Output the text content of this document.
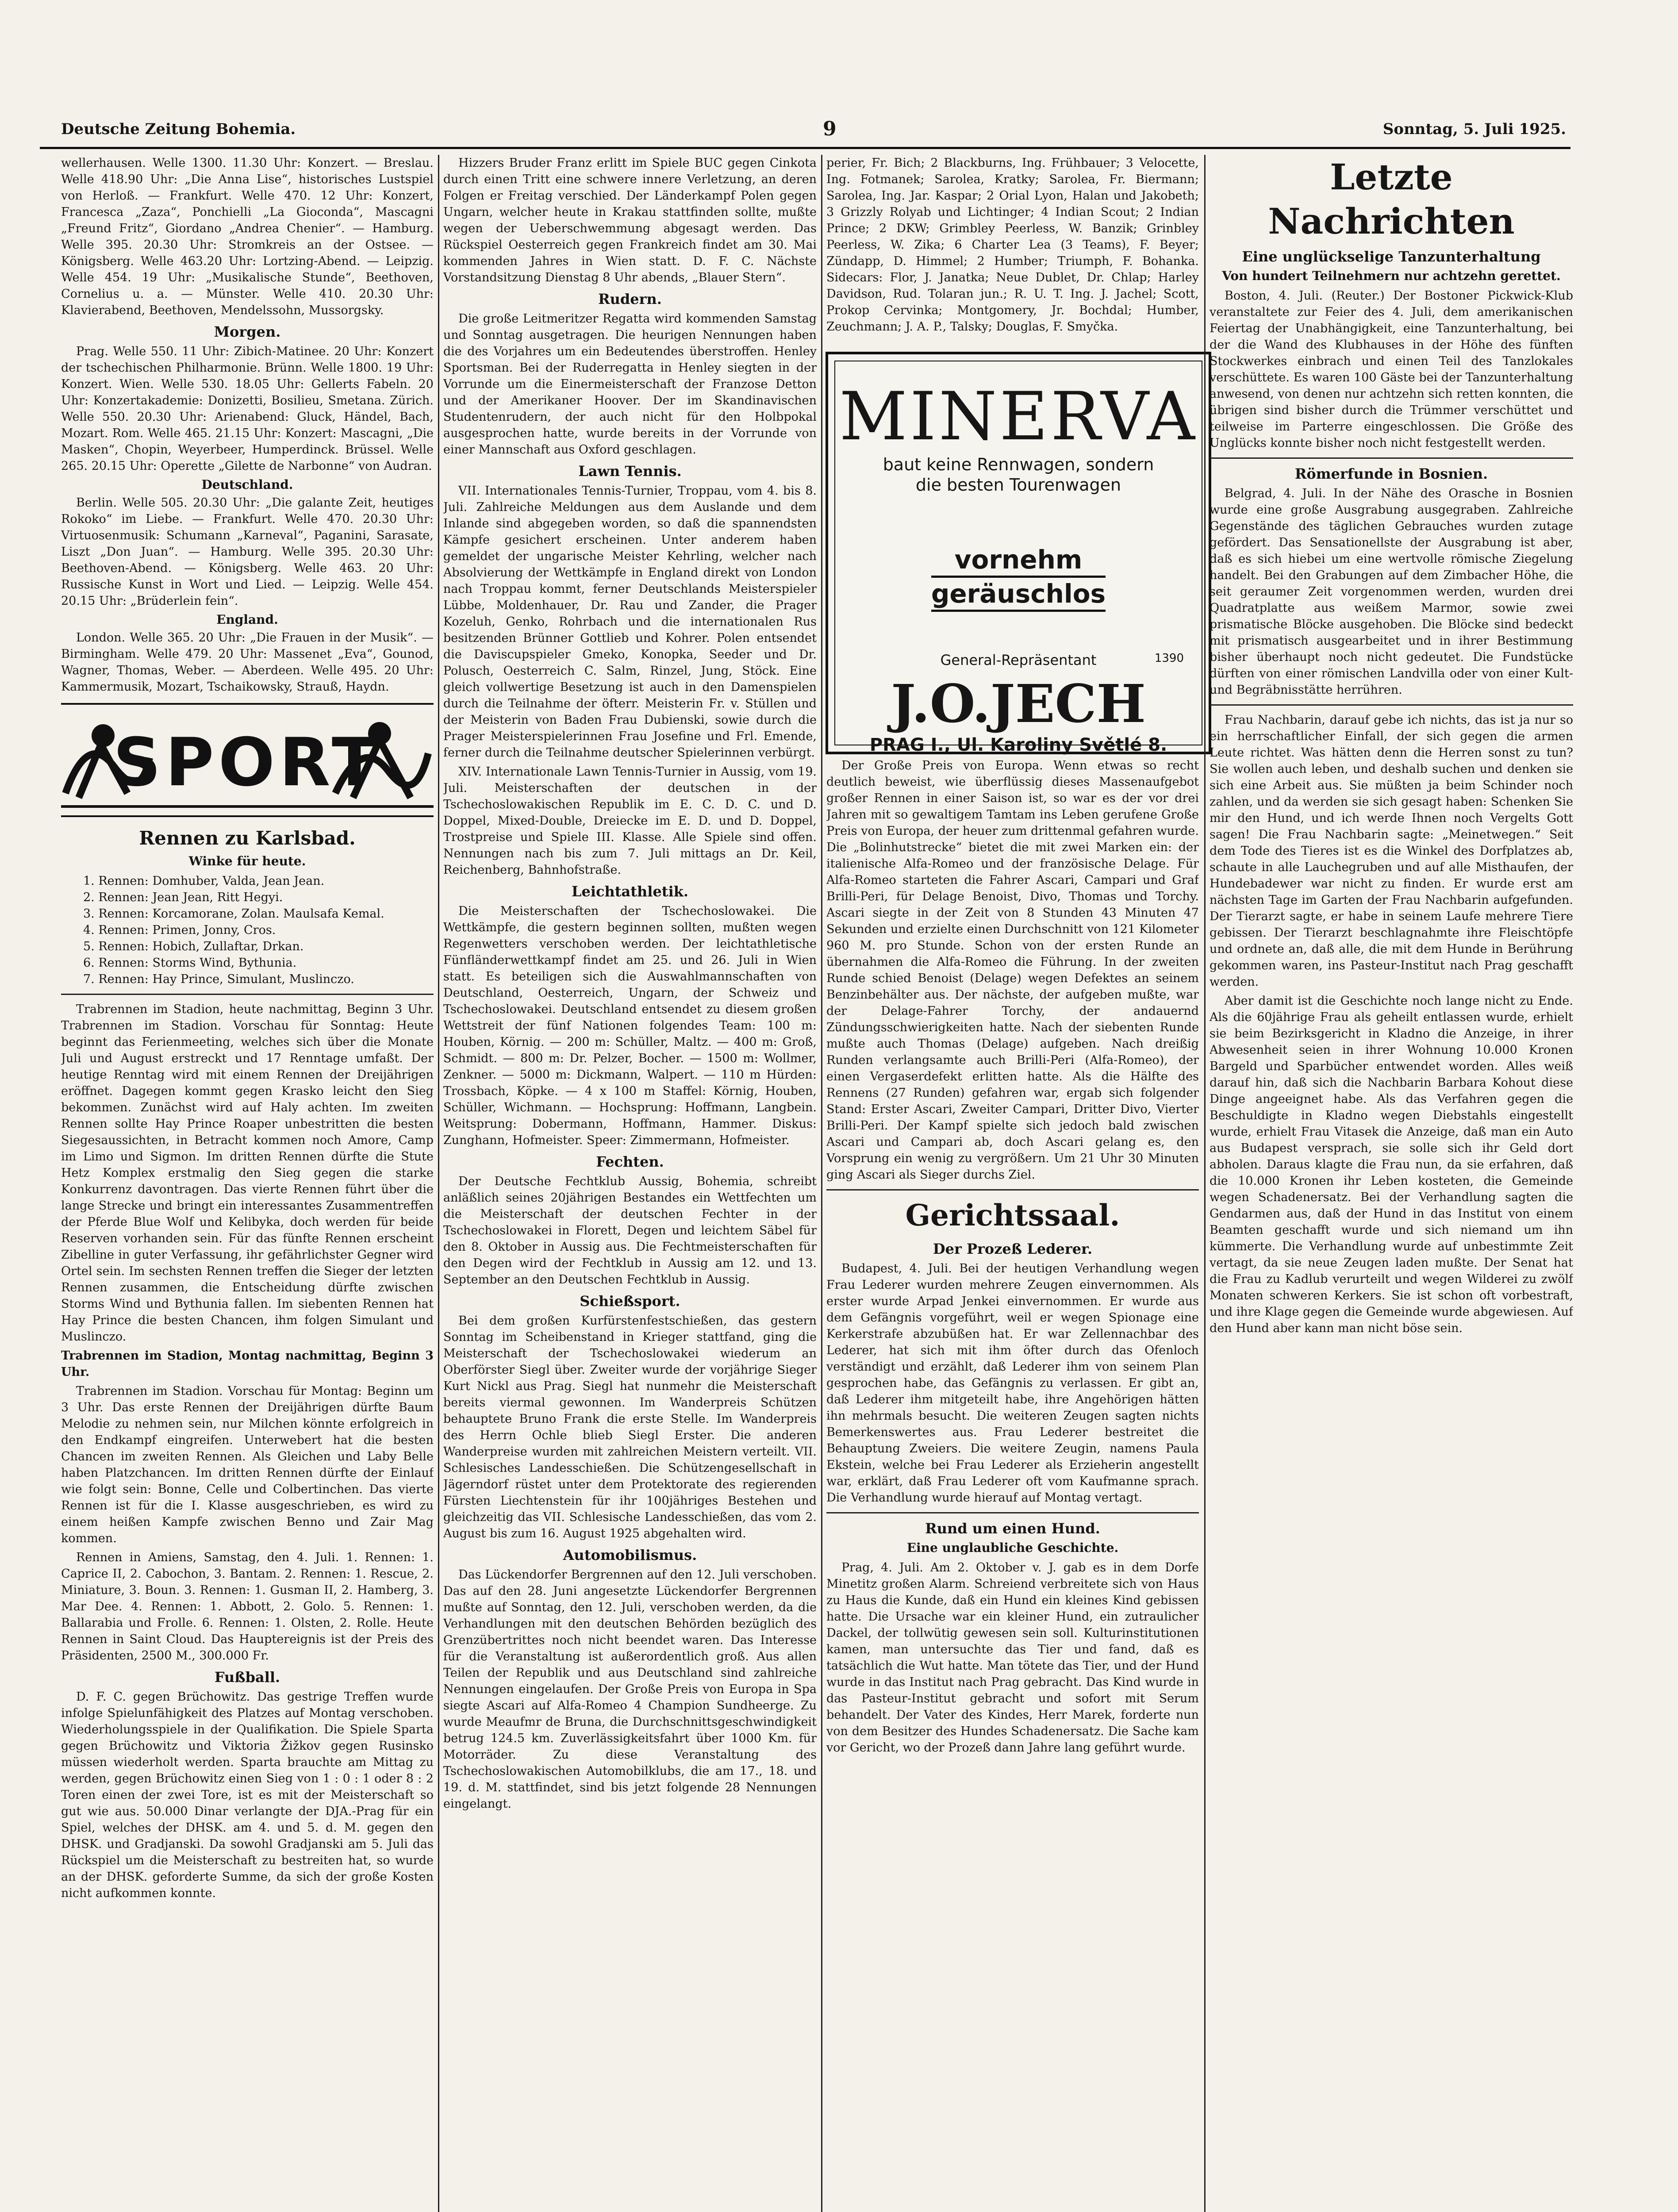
Deutsche Zeitung Bohemia.	9	Sonntag, 5. Juli 1925.

wellerhausen. Welle 1300. 11.30 Uhr: Konzert. — Breslau. Welle 418.90 Uhr: „Die Anna Lise“, historisches Lustspiel von Herloß. — Frankfurt. Welle 470. 12 Uhr: Konzert, Francesca „Zaza“, Ponchielli „La Gioconda“, Mascagni „Freund Fritz“, Giordano „Andrea Chenier“. — Hamburg. Welle 395. 20.30 Uhr: Stromkreis an der Ostsee. — Königsberg. Welle 463.20 Uhr: Lortzing-Abend. — Leipzig. Welle 454. 19 Uhr: „Musikalische Stunde“, Beethoven, Cornelius u. a. — Münster. Welle 410. 20.30 Uhr: Klavierabend, Beethoven, Mendelssohn, Mussorgsky.

Morgen.

Prag. Welle 550. 11 Uhr: Zibich-Matinee. 20 Uhr: Konzert der tschechischen Philharmonie. Brünn. Welle 1800. 19 Uhr: Konzert. Wien. Welle 530. 18.05 Uhr: Gellerts Fabeln. 20 Uhr: Konzertakademie: Donizetti, Bosilieu, Smetana. Zürich. Welle 550. 20.30 Uhr: Arienabend: Gluck, Händel, Bach, Mozart. Rom. Welle 465. 21.15 Uhr: Konzert: Mascagni, „Die Masken“, Chopin, Weyerbeer, Humperdinck. Brüssel. Welle 265. 20.15 Uhr: Operette „Gilette de Narbonne“ von Audran.

Deutschland.

Berlin. Welle 505. 20.30 Uhr: „Die galante Zeit, heutiges Rokoko“ im Liebe. — Frankfurt. Welle 470. 20.30 Uhr: Virtuosenmusik: Schumann „Karneval“, Paganini, Sarasate, Liszt „Don Juan“. — Hamburg. Welle 395. 20.30 Uhr: Beethoven-Abend. — Königsberg. Welle 463. 20 Uhr: Russische Kunst in Wort und Lied. — Leipzig. Welle 454. 20.15 Uhr: „Brüderlein fein“.

England.

London. Welle 365. 20 Uhr: „Die Frauen in der Musik“. — Birmingham. Welle 479. 20 Uhr: Massenet „Eva“, Gounod, Wagner, Thomas, Weber. — Aberdeen. Welle 495. 20 Uhr: Kammermusik, Mozart, Tschaikowsky, Strauß, Haydn.

SPORT
Rennen zu Karlsbad.
Winke für heute.

1. Rennen: Domhuber, Valda, Jean Jean.

2. Rennen: Jean Jean, Ritt Hegyi.

3. Rennen: Korcamorane, Zolan. Maulsafa Kemal.

4. Rennen: Primen, Jonny, Cros.

5. Rennen: Hobich, Zullaftar, Drkan.

6. Rennen: Storms Wind, Bythunia.

7. Rennen: Hay Prince, Simulant, Muslinczo.

Trabrennen im Stadion, heute nachmittag, Beginn 3 Uhr. Trabrennen im Stadion. Vorschau für Sonntag: Heute beginnt das Ferienmeeting, welches sich über die Monate Juli und August erstreckt und 17 Renntage umfaßt. Der heutige Renntag wird mit einem Rennen der Dreijährigen eröffnet. Dagegen kommt gegen Krasko leicht den Sieg bekommen. Zunächst wird auf Haly achten. Im zweiten Rennen sollte Hay Prince Roaper unbestritten die besten Siegesaussichten, in Betracht kommen noch Amore, Camp im Limo und Sigmon. Im dritten Rennen dürfte die Stute Hetz Komplex erstmalig den Sieg gegen die starke Konkurrenz davontragen. Das vierte Rennen führt über die lange Strecke und bringt ein interessantes Zusammentreffen der Pferde Blue Wolf und Kelibyka, doch werden für beide Reserven vorhanden sein. Für das fünfte Rennen erscheint Zibelline in guter Verfassung, ihr gefährlichster Gegner wird Ortel sein. Im sechsten Rennen treffen die Sieger der letzten Rennen zusammen, die Entscheidung dürfte zwischen Storms Wind und Bythunia fallen. Im siebenten Rennen hat Hay Prince die besten Chancen, ihm folgen Simulant und Muslinczo.

Trabrennen im Stadion, Montag nachmittag, Beginn 3 Uhr.

Trabrennen im Stadion. Vorschau für Montag: Beginn um 3 Uhr. Das erste Rennen der Dreijährigen dürfte Baum Melodie zu nehmen sein, nur Milchen könnte erfolgreich in den Endkampf eingreifen. Unterwebert hat die besten Chancen im zweiten Rennen. Als Gleichen und Laby Belle haben Platzchancen. Im dritten Rennen dürfte der Einlauf wie folgt sein: Bonne, Celle und Colbertinchen. Das vierte Rennen ist für die I. Klasse ausgeschrieben, es wird zu einem heißen Kampfe zwischen Benno und Zair Mag kommen.

Rennen in Amiens, Samstag, den 4. Juli. 1. Rennen: 1. Caprice II, 2. Cabochon, 3. Bantam. 2. Rennen: 1. Rescue, 2. Miniature, 3. Boun. 3. Rennen: 1. Gusman II, 2. Hamberg, 3. Mar Dee. 4. Rennen: 1. Abbott, 2. Golo. 5. Rennen: 1. Ballarabia und Frolle. 6. Rennen: 1. Olsten, 2. Rolle. Heute Rennen in Saint Cloud. Das Hauptereignis ist der Preis des Präsidenten, 2500 M., 300.000 Fr.

Fußball.

D. F. C. gegen Brüchowitz. Das gestrige Treffen wurde infolge Spielunfähigkeit des Platzes auf Montag verschoben. Wiederholungsspiele in der Qualifikation. Die Spiele Sparta gegen Brüchowitz und Viktoria Žižkov gegen Rusinsko müssen wiederholt werden. Sparta brauchte am Mittag zu werden, gegen Brüchowitz einen Sieg von 1 : 0 : 1 oder 8 : 2 Toren einen der zwei Tore, ist es mit der Meisterschaft so gut wie aus. 50.000 Dinar verlangte der DJA.-Prag für ein Spiel, welches der DHSK. am 4. und 5. d. M. gegen den DHSK. und Gradjanski. Da sowohl Gradjanski am 5. Juli das Rückspiel um die Meisterschaft zu bestreiten hat, so wurde an der DHSK. geforderte Summe, da sich der große Kosten nicht aufkommen konnte.

Hizzers Bruder Franz erlitt im Spiele BUC gegen Cinkota durch einen Tritt eine schwere innere Verletzung, an deren Folgen er Freitag verschied. Der Länderkampf Polen gegen Ungarn, welcher heute in Krakau stattfinden sollte, mußte wegen der Ueberschwemmung abgesagt werden. Das Rückspiel Oesterreich gegen Frankreich findet am 30. Mai kommenden Jahres in Wien statt. D. F. C. Nächste Vorstandsitzung Dienstag 8 Uhr abends, „Blauer Stern“.

Rudern.

Die große Leitmeritzer Regatta wird kommenden Samstag und Sonntag ausgetragen. Die heurigen Nennungen haben die des Vorjahres um ein Bedeutendes überstroffen. Henley Sportsman. Bei der Ruderregatta in Henley siegten in der Vorrunde um die Einermeisterschaft der Franzose Detton und der Amerikaner Hoover. Der im Skandinavischen Studentenrudern, der auch nicht für den Holbpokal ausgesprochen hatte, wurde bereits in der Vorrunde von einer Mannschaft aus Oxford geschlagen.

Lawn Tennis.

VII. Internationales Tennis-Turnier, Troppau, vom 4. bis 8. Juli. Zahlreiche Meldungen aus dem Auslande und dem Inlande sind abgegeben worden, so daß die spannendsten Kämpfe gesichert erscheinen. Unter anderem haben gemeldet der ungarische Meister Kehrling, welcher nach Absolvierung der Wettkämpfe in England direkt von London nach Troppau kommt, ferner Deutschlands Meisterspieler Lübbe, Moldenhauer, Dr. Rau und Zander, die Prager Kozeluh, Genko, Rohrbach und die internationalen Rus besitzenden Brünner Gottlieb und Kohrer. Polen entsendet die Daviscupspieler Gmeko, Konopka, Seeder und Dr. Polusch, Oesterreich C. Salm, Rinzel, Jung, Stöck. Eine gleich vollwertige Besetzung ist auch in den Damenspielen durch die Teilnahme der öfterr. Meisterin Fr. v. Stüllen und der Meisterin von Baden Frau Dubienski, sowie durch die Prager Meisterspielerinnen Frau Josefine und Frl. Emende, ferner durch die Teilnahme deutscher Spielerinnen verbürgt.

XIV. Internationale Lawn Tennis-Turnier in Aussig, vom 19. Juli. Meisterschaften der deutschen in der Tschechoslowakischen Republik im E. C. D. C. und D. Doppel, Mixed-Double, Dreiecke im E. D. und D. Doppel, Trostpreise und Spiele III. Klasse. Alle Spiele sind offen. Nennungen nach bis zum 7. Juli mittags an Dr. Keil, Reichenberg, Bahnhofstraße.

Leichtathletik.

Die Meisterschaften der Tschechoslowakei. Die Wettkämpfe, die gestern beginnen sollten, mußten wegen Regenwetters verschoben werden. Der leichtathletische Fünfländerwettkampf findet am 25. und 26. Juli in Wien statt. Es beteiligen sich die Auswahlmannschaften von Deutschland, Oesterreich, Ungarn, der Schweiz und Tschechoslowakei. Deutschland entsendet zu diesem großen Wettstreit der fünf Nationen folgendes Team: 100 m: Houben, Körnig. — 200 m: Schüller, Maltz. — 400 m: Groß, Schmidt. — 800 m: Dr. Pelzer, Bocher. — 1500 m: Wollmer, Zenkner. — 5000 m: Dickmann, Walpert. — 110 m Hürden: Trossbach, Köpke. — 4 x 100 m Staffel: Körnig, Houben, Schüller, Wichmann. — Hochsprung: Hoffmann, Langbein. Weitsprung: Dobermann, Hoffmann, Hammer. Diskus: Zunghann, Hofmeister. Speer: Zimmermann, Hofmeister.

Fechten.

Der Deutsche Fechtklub Aussig, Bohemia, schreibt anläßlich seines 20jährigen Bestandes ein Wettfechten um die Meisterschaft der deutschen Fechter in der Tschechoslowakei in Florett, Degen und leichtem Säbel für den 8. Oktober in Aussig aus. Die Fechtmeisterschaften für den Degen wird der Fechtklub in Aussig am 12. und 13. September an den Deutschen Fechtklub in Aussig.

Schießsport.

Bei dem großen Kurfürstenfestschießen, das gestern Sonntag im Scheibenstand in Krieger stattfand, ging die Meisterschaft der Tschechoslowakei wiederum an Oberförster Siegl über. Zweiter wurde der vorjährige Sieger Kurt Nickl aus Prag. Siegl hat nunmehr die Meisterschaft bereits viermal gewonnen. Im Wanderpreis Schützen behauptete Bruno Frank die erste Stelle. Im Wanderpreis des Herrn Ochle blieb Siegl Erster. Die anderen Wanderpreise wurden mit zahlreichen Meistern verteilt. VII. Schlesisches Landesschießen. Die Schützengesellschaft in Jägerndorf rüstet unter dem Protektorate des regierenden Fürsten Liechtenstein für ihr 100jähriges Bestehen und gleichzeitig das VII. Schlesische Landesschießen, das vom 2. August bis zum 16. August 1925 abgehalten wird.

Automobilismus.

Das Lückendorfer Bergrennen auf den 12. Juli verschoben. Das auf den 28. Juni angesetzte Lückendorfer Bergrennen mußte auf Sonntag, den 12. Juli, verschoben werden, da die Verhandlungen mit den deutschen Behörden bezüglich des Grenzübertrittes noch nicht beendet waren. Das Interesse für die Veranstaltung ist außerordentlich groß. Aus allen Teilen der Republik und aus Deutschland sind zahlreiche Nennungen eingelaufen. Der Große Preis von Europa in Spa siegte Ascari auf Alfa-Romeo 4 Champion Sundheerge. Zu wurde Meaufmr de Bruna, die Durchschnittsgeschwindigkeit betrug 124.5 km. Zuverlässigkeitsfahrt über 1000 Km. für Motorräder. Zu diese Veranstaltung des Tschechoslowakischen Automobilklubs, die am 17., 18. und 19. d. M. stattfindet, sind bis jetzt folgende 28 Nennungen eingelangt.

perier, Fr. Bich; 2 Blackburns, Ing. Frühbauer; 3 Velocette, Ing. Fotmanek; Sarolea, Kratky; Sarolea, Fr. Biermann; Sarolea, Ing. Jar. Kaspar; 2 Orial Lyon, Halan und Jakobeth; 3 Grizzly Rolyab und Lichtinger; 4 Indian Scout; 2 Indian Prince; 2 DKW; Grimbley Peerless, W. Banzik; Grinbley Peerless, W. Zika; 6 Charter Lea (3 Teams), F. Beyer; Zündapp, D. Himmel; 2 Humber; Triumph, F. Bohanka. Sidecars: Flor, J. Janatka; Neue Dublet, Dr. Chlap; Harley Davidson, Rud. Tolaran jun.; R. U. T. Ing. J. Jachel; Scott, Prokop Cervinka; Montgomery, Jr. Bochdal; Humber, Zeuchmann; J. A. P., Talsky; Douglas, F. Smyčka.

MINERVA
baut keine Rennwagen, sondern
die besten Tourenwagen
vornehm
geräuschlos
General-Repräsentant	1390
J.O.JECH
PRAG I., Ul. Karoliny Světlé 8.

Der Große Preis von Europa. Wenn etwas so recht deutlich beweist, wie überflüssig dieses Massenaufgebot großer Rennen in einer Saison ist, so war es der vor drei Jahren mit so gewaltigem Tamtam ins Leben gerufene Große Preis von Europa, der heuer zum drittenmal gefahren wurde. Die „Bolinhutstrecke“ bietet die mit zwei Marken ein: der italienische Alfa-Romeo und der französische Delage. Für Alfa-Romeo starteten die Fahrer Ascari, Campari und Graf Brilli-Peri, für Delage Benoist, Divo, Thomas und Torchy. Ascari siegte in der Zeit von 8 Stunden 43 Minuten 47 Sekunden und erzielte einen Durchschnitt von 121 Kilometer 960 M. pro Stunde. Schon von der ersten Runde an übernahmen die Alfa-Romeo die Führung. In der zweiten Runde schied Benoist (Delage) wegen Defektes an seinem Benzinbehälter aus. Der nächste, der aufgeben mußte, war der Delage-Fahrer Torchy, der andauernd Zündungsschwierigkeiten hatte. Nach der siebenten Runde mußte auch Thomas (Delage) aufgeben. Nach dreißig Runden verlangsamte auch Brilli-Peri (Alfa-Romeo), der einen Vergaserdefekt erlitten hatte. Als die Hälfte des Rennens (27 Runden) gefahren war, ergab sich folgender Stand: Erster Ascari, Zweiter Campari, Dritter Divo, Vierter Brilli-Peri. Der Kampf spielte sich jedoch bald zwischen Ascari und Campari ab, doch Ascari gelang es, den Vorsprung ein wenig zu vergrößern. Um 21 Uhr 30 Minuten ging Ascari als Sieger durchs Ziel.

Gerichtssaal.
Der Prozeß Lederer.

Budapest, 4. Juli. Bei der heutigen Verhandlung wegen Frau Lederer wurden mehrere Zeugen einvernommen. Als erster wurde Arpad Jenkei einvernommen. Er wurde aus dem Gefängnis vorgeführt, weil er wegen Spionage eine Kerkerstrafe abzubüßen hat. Er war Zellennachbar des Lederer, hat sich mit ihm öfter durch das Ofenloch verständigt und erzählt, daß Lederer ihm von seinem Plan gesprochen habe, das Gefängnis zu verlassen. Er gibt an, daß Lederer ihm mitgeteilt habe, ihre Angehörigen hätten ihn mehrmals besucht. Die weiteren Zeugen sagten nichts Bemerkenswertes aus. Frau Lederer bestreitet die Behauptung Zweiers. Die weitere Zeugin, namens Paula Ekstein, welche bei Frau Lederer als Erzieherin angestellt war, erklärt, daß Frau Lederer oft vom Kaufmanne sprach. Die Verhandlung wurde hierauf auf Montag vertagt.

Rund um einen Hund.
Eine unglaubliche Geschichte.

Prag, 4. Juli. Am 2. Oktober v. J. gab es in dem Dorfe Minetitz großen Alarm. Schreiend verbreitete sich von Haus zu Haus die Kunde, daß ein Hund ein kleines Kind gebissen hatte. Die Ursache war ein kleiner Hund, ein zutraulicher Dackel, der tollwütig gewesen sein soll. Kulturinstitutionen kamen, man untersuchte das Tier und fand, daß es tatsächlich die Wut hatte. Man tötete das Tier, und der Hund wurde in das Institut nach Prag gebracht. Das Kind wurde in das Pasteur-Institut gebracht und sofort mit Serum behandelt. Der Vater des Kindes, Herr Marek, forderte nun von dem Besitzer des Hundes Schadenersatz. Die Sache kam vor Gericht, wo der Prozeß dann Jahre lang geführt wurde.

Letzte Nachrichten
Eine unglückselige Tanzunterhaltung
Von hundert Teilnehmern nur achtzehn gerettet.

Boston, 4. Juli. (Reuter.) Der Bostoner Pickwick-Klub veranstaltete zur Feier des 4. Juli, dem amerikanischen Feiertag der Unabhängigkeit, eine Tanzunterhaltung, bei der die Wand des Klubhauses in der Höhe des fünften Stockwerkes einbrach und einen Teil des Tanzlokales verschüttete. Es waren 100 Gäste bei der Tanzunterhaltung anwesend, von denen nur achtzehn sich retten konnten, die übrigen sind bisher durch die Trümmer verschüttet und teilweise im Parterre eingeschlossen. Die Größe des Unglücks konnte bisher noch nicht festgestellt werden.

Römerfunde in Bosnien.

Belgrad, 4. Juli. In der Nähe des Orasche in Bosnien wurde eine große Ausgrabung ausgegraben. Zahlreiche Gegenstände des täglichen Gebrauches wurden zutage gefördert. Das Sensationellste der Ausgrabung ist aber, daß es sich hiebei um eine wertvolle römische Ziegelung handelt. Bei den Grabungen auf dem Zimbacher Höhe, die seit geraumer Zeit vorgenommen werden, wurden drei Quadratplatte aus weißem Marmor, sowie zwei prismatische Blöcke ausgehoben. Die Blöcke sind bedeckt mit prismatisch ausgearbeitet und in ihrer Bestimmung bisher überhaupt noch nicht gedeutet. Die Fundstücke dürften von einer römischen Landvilla oder von einer Kult- und Begräbnisstätte herrühren.

Frau Nachbarin, darauf gebe ich nichts, das ist ja nur so ein herrschaftlicher Einfall, der sich gegen die armen Leute richtet. Was hätten denn die Herren sonst zu tun? Sie wollen auch leben, und deshalb suchen und denken sie sich eine Arbeit aus. Sie müßten ja beim Schinder noch zahlen, und da werden sie sich gesagt haben: Schenken Sie mir den Hund, und ich werde Ihnen noch Vergelts Gott sagen! Die Frau Nachbarin sagte: „Meinetwegen.“ Seit dem Tode des Tieres ist es die Winkel des Dorfplatzes ab, schaute in alle Lauchegruben und auf alle Misthaufen, der Hundebadewer war nicht zu finden. Er wurde erst am nächsten Tage im Garten der Frau Nachbarin aufgefunden. Der Tierarzt sagte, er habe in seinem Laufe mehrere Tiere gebissen. Der Tierarzt beschlagnahmte ihre Fleischtöpfe und ordnete an, daß alle, die mit dem Hunde in Berührung gekommen waren, ins Pasteur-Institut nach Prag geschafft werden.

Aber damit ist die Geschichte noch lange nicht zu Ende. Als die 60jährige Frau als geheilt entlassen wurde, erhielt sie beim Bezirksgericht in Kladno die Anzeige, in ihrer Abwesenheit seien in ihrer Wohnung 10.000 Kronen Bargeld und Sparbücher entwendet worden. Alles weiß darauf hin, daß sich die Nachbarin Barbara Kohout diese Dinge angeeignet habe. Als das Verfahren gegen die Beschuldigte in Kladno wegen Diebstahls eingestellt wurde, erhielt Frau Vitasek die Anzeige, daß man ein Auto aus Budapest versprach, sie solle sich ihr Geld dort abholen. Daraus klagte die Frau nun, da sie erfahren, daß die 10.000 Kronen ihr Leben kosteten, die Gemeinde wegen Schadenersatz. Bei der Verhandlung sagten die Gendarmen aus, daß der Hund in das Institut von einem Beamten geschafft wurde und sich niemand um ihn kümmerte. Die Verhandlung wurde auf unbestimmte Zeit vertagt, da sie neue Zeugen laden mußte. Der Senat hat die Frau zu Kadlub verurteilt und wegen Wilderei zu zwölf Monaten schweren Kerkers. Sie ist schon oft vorbestraft, und ihre Klage gegen die Gemeinde wurde abgewiesen. Auf den Hund aber kann man nicht böse sein.
